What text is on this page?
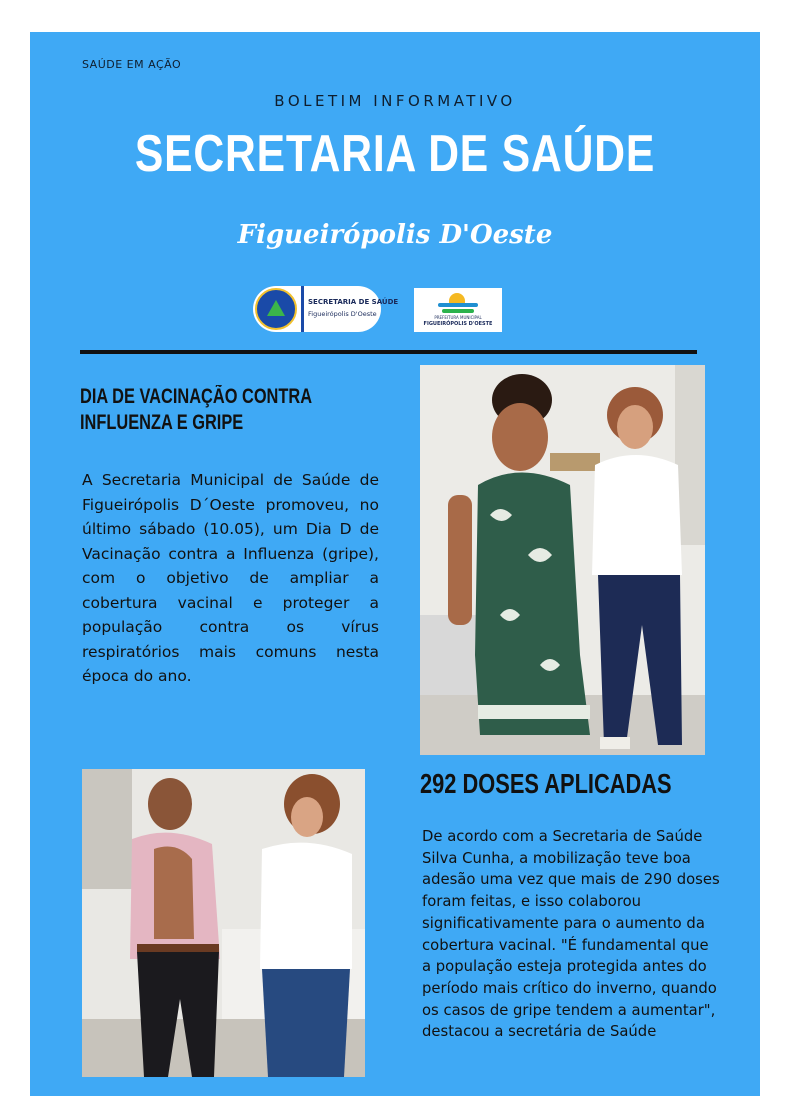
SAÚDE EM AÇÃO
BOLETIM INFORMATIVO
SECRETARIA DE SAÚDE
Figueirópolis D'Oeste
SECRETARIA DE SAÚDE
Figueirópolis D'Oeste	PREFEITURA MUNICIPAL
FIGUEIRÓPOLIS D'OESTE
DIA DE VACINAÇÃO CONTRA INFLUENZA E GRIPE
A Secretaria Municipal de Saúde de Figueirópolis D´Oeste promoveu, no último sábado (10.05), um Dia D de Vacinação contra a Influenza (gripe), com o objetivo de ampliar a cobertura vacinal e proteger a população contra os vírus respiratórios mais comuns nesta época do ano.
292 DOSES APLICADAS
De acordo com a Secretaria de Saúde Silva Cunha, a mobilização teve boa adesão uma vez que mais de 290 doses foram feitas, e isso colaborou significativamente para o aumento da cobertura vacinal. "É fundamental que a população esteja protegida antes do período mais crítico do inverno, quando os casos de gripe tendem a aumentar", destacou a secretária de Saúde
